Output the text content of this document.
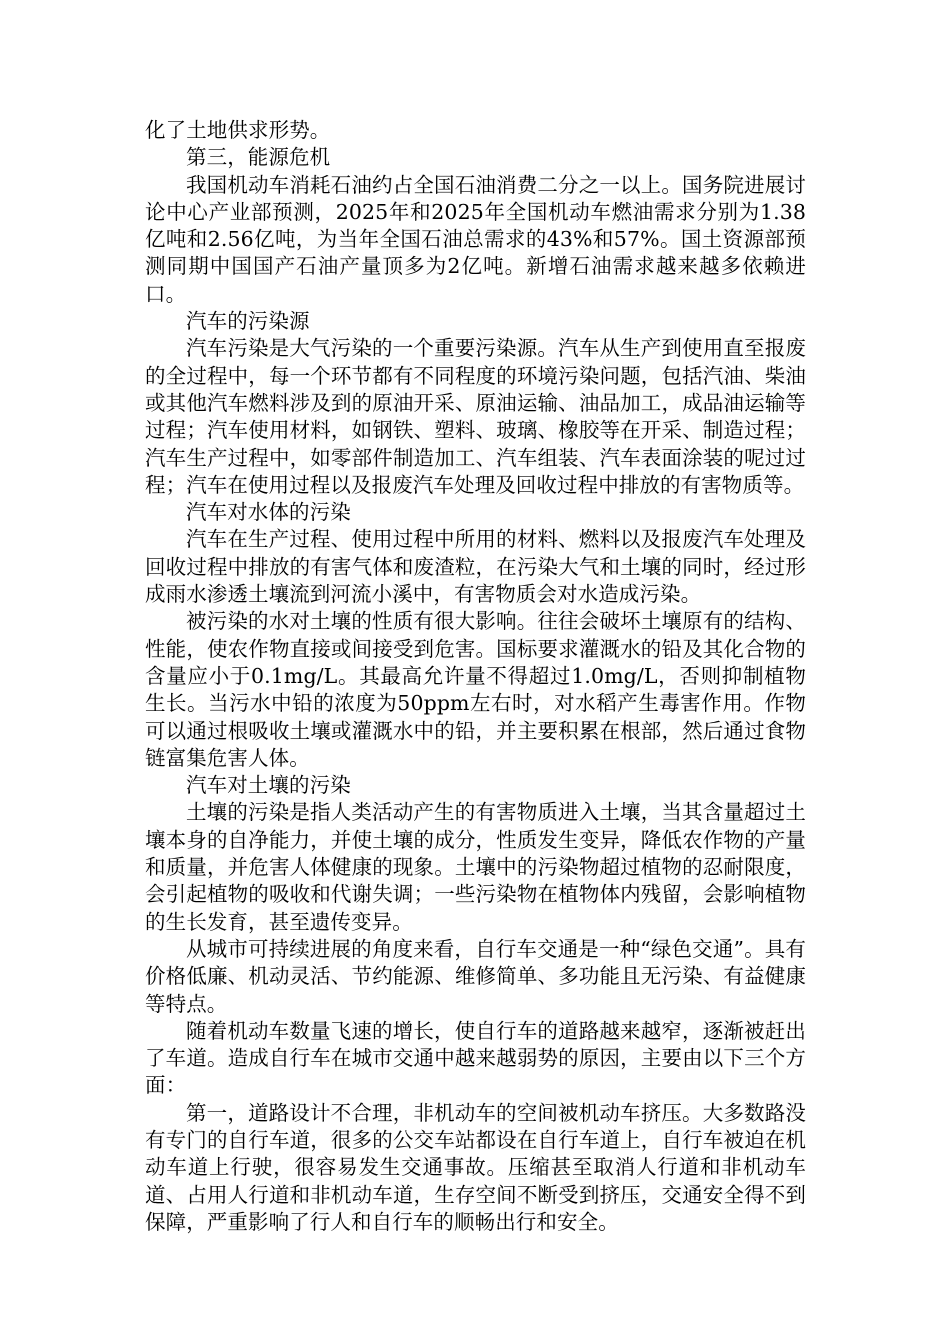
化了土地供求形势。

第三，能源危机

我国机动车消耗石油约占全国石油消费二分之一以上。国务院进展讨论中心产业部预测，2025年和2025年全国机动车燃油需求分别为1.38亿吨和2.56亿吨，为当年全国石油总需求的43%和57%。国土资源部预测同期中国国产石油产量顶多为2亿吨。新增石油需求越来越多依赖进口。

汽车的污染源

汽车污染是大气污染的一个重要污染源。汽车从生产到使用直至报废的全过程中，每一个环节都有不同程度的环境污染问题，包括汽油、柴油或其他汽车燃料涉及到的原油开采、原油运输、油品加工，成品油运输等过程；汽车使用材料，如钢铁、塑料、玻璃、橡胶等在开采、制造过程；汽车生产过程中，如零部件制造加工、汽车组装、汽车表面涂装的呢过过程；汽车在使用过程以及报废汽车处理及回收过程中排放的有害物质等。

汽车对水体的污染

汽车在生产过程、使用过程中所用的材料、燃料以及报废汽车处理及回收过程中排放的有害气体和废渣粒，在污染大气和土壤的同时，经过形成雨水渗透土壤流到河流小溪中，有害物质会对水造成污染。

被污染的水对土壤的性质有很大影响。往往会破坏土壤原有的结构、性能，使农作物直接或间接受到危害。国标要求灌溉水的铅及其化合物的含量应小于0.1mg/L。其最高允许量不得超过1.0mg/L，否则抑制植物生长。当污水中铅的浓度为50ppm左右时，对水稻产生毒害作用。作物可以通过根吸收土壤或灌溉水中的铅，并主要积累在根部，然后通过食物链富集危害人体。

汽车对土壤的污染

土壤的污染是指人类活动产生的有害物质进入土壤，当其含量超过土壤本身的自净能力，并使土壤的成分，性质发生变异，降低农作物的产量和质量，并危害人体健康的现象。土壤中的污染物超过植物的忍耐限度，会引起植物的吸收和代谢失调；一些污染物在植物体内残留，会影响植物的生长发育，甚至遗传变异。

从城市可持续进展的角度来看，自行车交通是一种“绿色交通”。具有价格低廉、机动灵活、节约能源、维修简单、多功能且无污染、有益健康等特点。

随着机动车数量飞速的增长，使自行车的道路越来越窄，逐渐被赶出了车道。造成自行车在城市交通中越来越弱势的原因，主要由以下三个方面：

第一，道路设计不合理，非机动车的空间被机动车挤压。大多数路没有专门的自行车道，很多的公交车站都设在自行车道上，自行车被迫在机动车道上行驶，很容易发生交通事故。压缩甚至取消人行道和非机动车道、占用人行道和非机动车道，生存空间不断受到挤压，交通安全得不到保障，严重影响了行人和自行车的顺畅出行和安全。
